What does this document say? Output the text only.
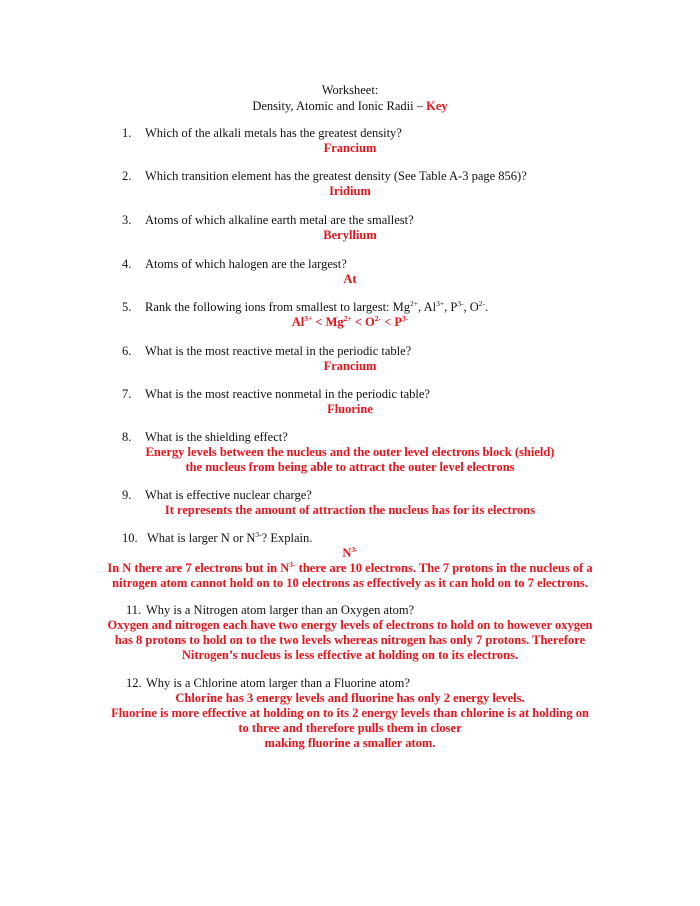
Worksheet:
Density, Atomic and Ionic Radii – Key
1. Which of the alkali metals has the greatest density?
Francium
2. Which transition element has the greatest density (See Table A-3 page 856)?
Iridium
3. Atoms of which alkaline earth metal are the smallest?
Beryllium
4. Atoms of which halogen are the largest?
At
5. Rank the following ions from smallest to largest: $Mg^{2+}$, $Al^{3+}$, $P^{3-}$, $O^{2-}$.
$Al^{3+} < Mg^{2+} < O^{2-} < P^{3-}$
6. What is the most reactive metal in the periodic table?
Francium
7. What is the most reactive nonmetal in the periodic table?
Fluorine
8. What is the shielding effect?
Energy levels between the nucleus and the outer level electrons block (shield)
the nucleus from being able to attract the outer level electrons
9. What is effective nuclear charge?
It represents the amount of attraction the nucleus has for its electrons
10. What is larger N or $N^{3-}$? Explain.
$N^{3-}$
In N there are 7 electrons but in $N^{3-}$ there are 10 electrons. The 7 protons in the nucleus of a
nitrogen atom cannot hold on to 10 electrons as effectively as it can hold on to 7 electrons.
11. Why is a Nitrogen atom larger than an Oxygen atom?
Oxygen and nitrogen each have two energy levels of electrons to hold on to however oxygen
has 8 protons to hold on to the two levels whereas nitrogen has only 7 protons. Therefore
Nitrogen’s nucleus is less effective at holding on to its electrons.
12. Why is a Chlorine atom larger than a Fluorine atom?
Chlorine has 3 energy levels and fluorine has only 2 energy levels.
Fluorine is more effective at holding on to its 2 energy levels than chlorine is at holding on
to three and therefore pulls them in closer
making fluorine a smaller atom.
